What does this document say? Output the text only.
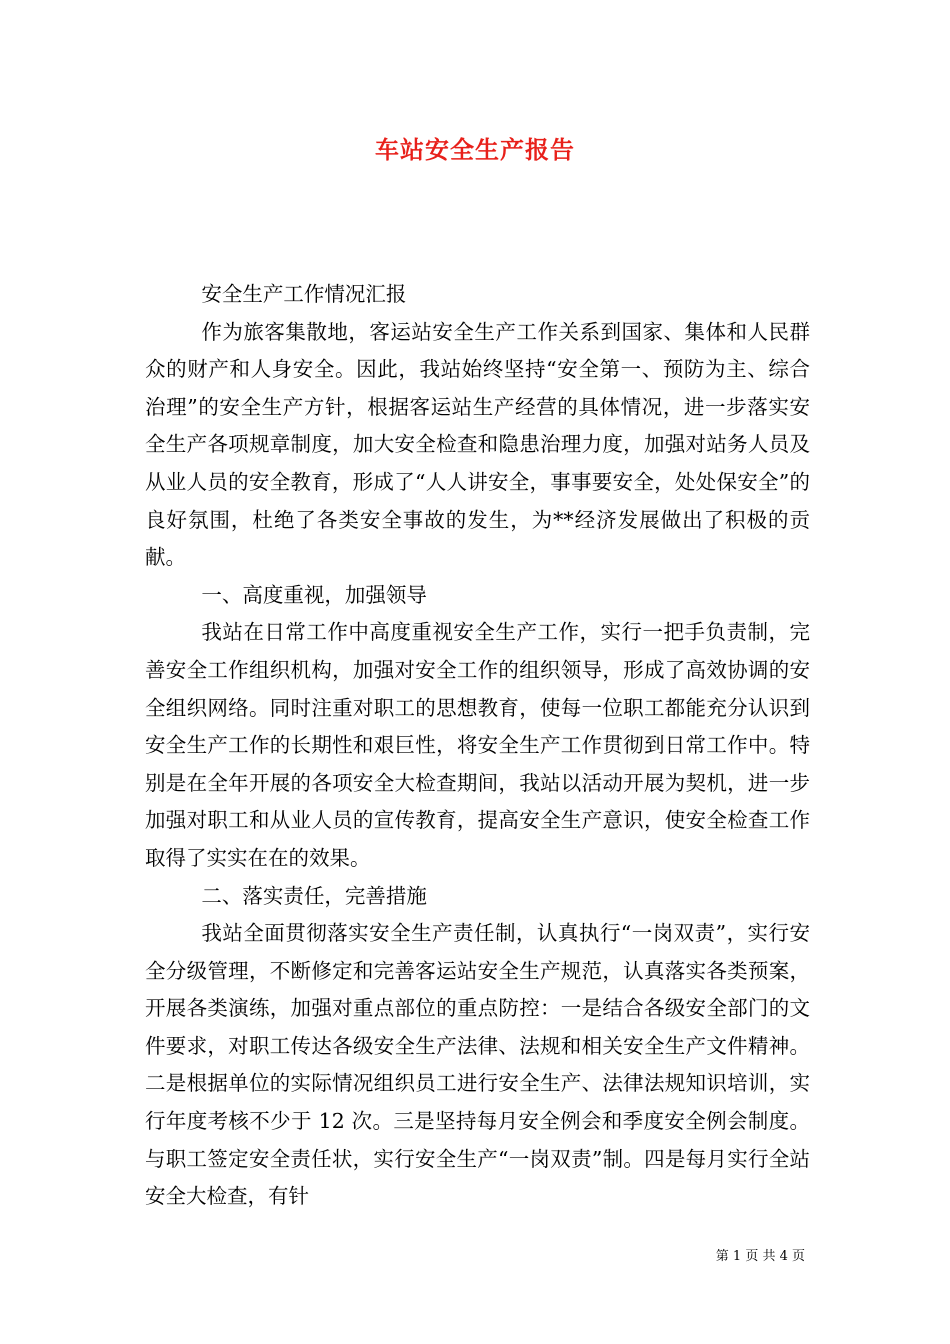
车站安全生产报告

安全生产工作情况汇报

作为旅客集散地，客运站安全生产工作关系到国家、集体和人民群众的财产和人身安全。因此，我站始终坚持“安全第一、预防为主、综合治理”的安全生产方针，根据客运站生产经营的具体情况，进一步落实安全生产各项规章制度，加大安全检查和隐患治理力度，加强对站务人员及从业人员的安全教育，形成了“人人讲安全，事事要安全，处处保安全”的良好氛围，杜绝了各类安全事故的发生，为**经济发展做出了积极的贡献。

一、高度重视，加强领导

我站在日常工作中高度重视安全生产工作，实行一把手负责制，完善安全工作组织机构，加强对安全工作的组织领导，形成了高效协调的安全组织网络。同时注重对职工的思想教育，使每一位职工都能充分认识到安全生产工作的长期性和艰巨性，将安全生产工作贯彻到日常工作中。特别是在全年开展的各项安全大检查期间，我站以活动开展为契机，进一步加强对职工和从业人员的宣传教育，提高安全生产意识，使安全检查工作取得了实实在在的效果。

二、落实责任，完善措施

我站全面贯彻落实安全生产责任制，认真执行“一岗双责”，实行安全分级管理，不断修定和完善客运站安全生产规范，认真落实各类预案，开展各类演练，加强对重点部位的重点防控：一是结合各级安全部门的文件要求，对职工传达各级安全生产法律、法规和相关安全生产文件精神。二是根据单位的实际情况组织员工进行安全生产、法律法规知识培训，实行年度考核不少于 12 次。三是坚持每月安全例会和季度安全例会制度。与职工签定安全责任状，实行安全生产“一岗双责”制。四是每月实行全站安全大检查，有针

第 1 页 共 4 页
